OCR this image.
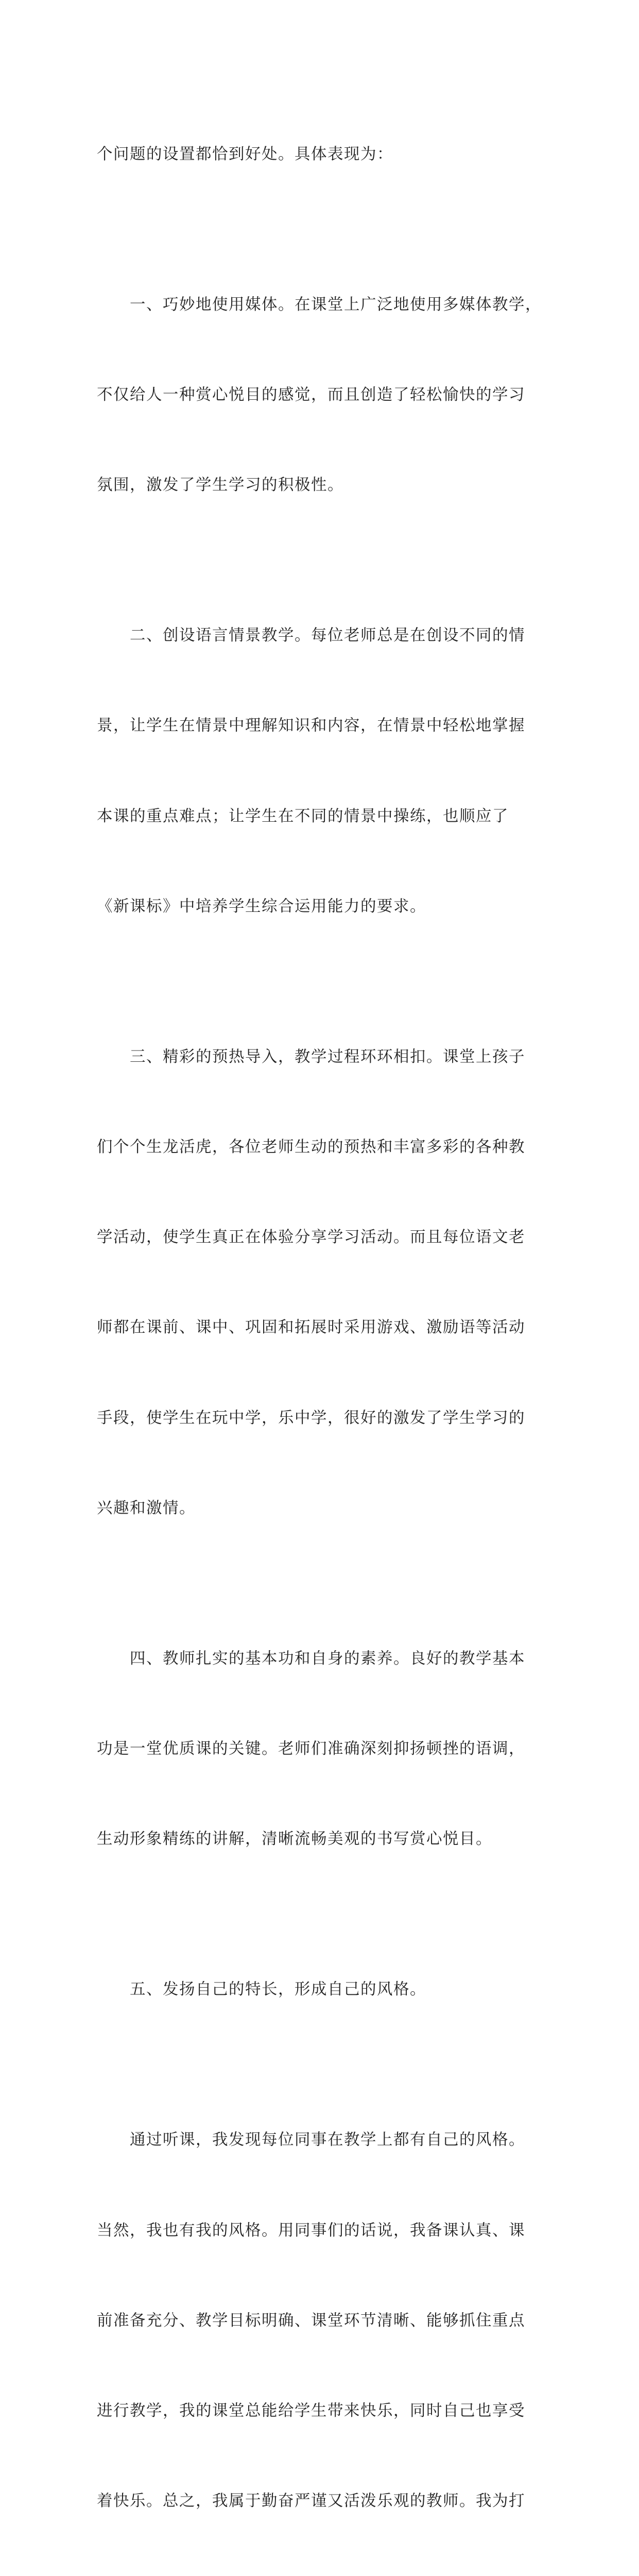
个问题的设置都恰到好处。具体表现为：

　　一、巧妙地使用媒体。在课堂上广泛地使用多媒体教学，

不仅给人一种赏心悦目的感觉，而且创造了轻松愉快的学习

氛围，激发了学生学习的积极性。

　　二、创设语言情景教学。每位老师总是在创设不同的情

景，让学生在情景中理解知识和内容，在情景中轻松地掌握

本课的重点难点；让学生在不同的情景中操练，也顺应了

《新课标》中培养学生综合运用能力的要求。

　　三、精彩的预热导入，教学过程环环相扣。课堂上孩子

们个个生龙活虎，各位老师生动的预热和丰富多彩的各种教

学活动，使学生真正在体验分享学习活动。而且每位语文老

师都在课前、课中、巩固和拓展时采用游戏、激励语等活动

手段，使学生在玩中学，乐中学，很好的激发了学生学习的

兴趣和激情。

　　四、教师扎实的基本功和自身的素养。良好的教学基本

功是一堂优质课的关键。老师们准确深刻抑扬顿挫的语调，

生动形象精练的讲解，清晰流畅美观的书写赏心悦目。

　　五、发扬自己的特长，形成自己的风格。

　　通过听课，我发现每位同事在教学上都有自己的风格。

当然，我也有我的风格。用同事们的话说，我备课认真、课

前准备充分、教学目标明确、课堂环节清晰、能够抓住重点

进行教学，我的课堂总能给学生带来快乐，同时自己也享受

着快乐。总之，我属于勤奋严谨又活泼乐观的教师。我为打
